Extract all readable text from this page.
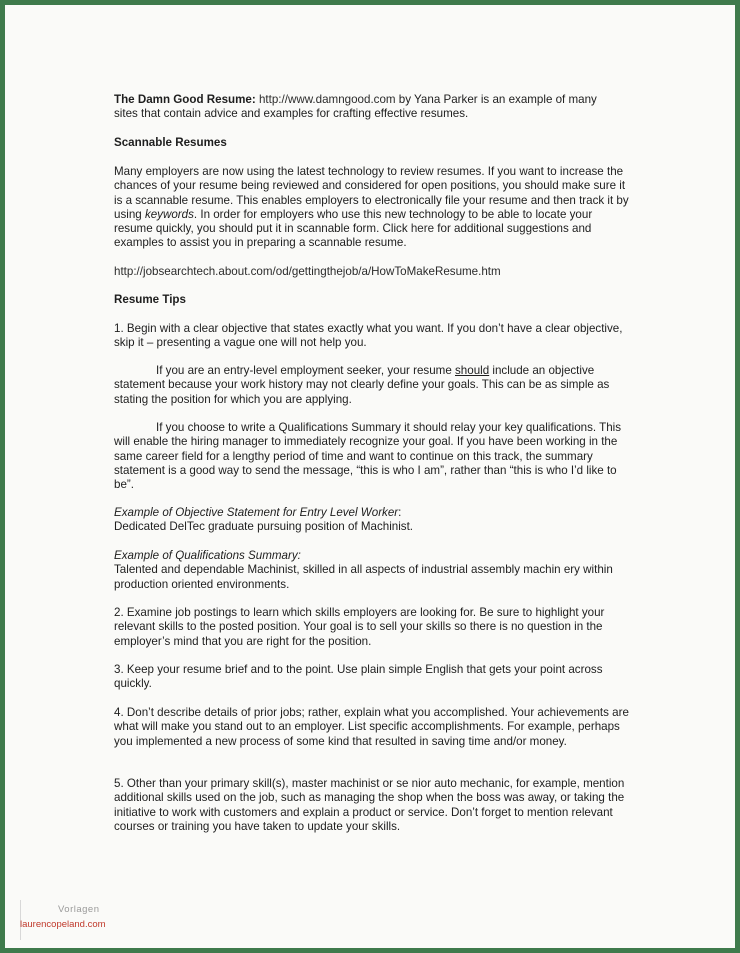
The Damn Good Resume: http://www.damngood.com by Yana Parker is an example of many
sites that contain advice and examples for crafting effective resumes.
Scannable Resumes
Many employers are now using the latest technology to review resumes. If you want to increase the chances of your resume being reviewed and considered for open positions, you should make sure it is a scannable resume. This enables employers to electronically file your resume and then track it by using keywords. In order for employers who use this new technology to be able to locate your resume quickly, you should put it in scannable form. Click here for additional suggestions and examples to assist you in preparing a scannable resume.
http://jobsearchtech.about.com/od/gettingthejob/a/HowToMakeResume.htm
Resume Tips
1. Begin with a clear objective that states exactly what you want. If you don’t have a clear objective, skip it – presenting a vague one will not help you.
If you are an entry-level employment seeker, your resume should include an objective statement because your work history may not clearly define your goals. This can be as simple as stating the position for which you are applying.
If you choose to write a Qualifications Summary it should relay your key qualifications. This will enable the hiring manager to immediately recognize your goal. If you have been working in the same career field for a lengthy period of time and want to continue on this track, the summary statement is a good way to send the message, “this is who I am”, rather than “this is who I’d like to be”.
Example of Objective Statement for Entry Level Worker:
Dedicated DelTec graduate pursuing position of Machinist.
Example of Qualifications Summary:
Talented and dependable Machinist, skilled in all aspects of industrial assembly machin ery within production oriented environments.
2. Examine job postings to learn which skills employers are looking for. Be sure to highlight your relevant skills to the posted position. Your goal is to sell your skills so there is no question in the employer’s mind that you are right for the position.
3. Keep your resume brief and to the point. Use plain simple English that gets your point across quickly.
4. Don’t describe details of prior jobs; rather, explain what you accomplished. Your achievements are what will make you stand out to an employer. List specific accomplishments. For example, perhaps you implemented a new process of some kind that resulted in saving time and/or money.
5. Other than your primary skill(s), master machinist or se nior auto mechanic, for example, mention additional skills used on the job, such as managing the shop when the boss was away, or taking the initiative to work with customers and explain a product or service. Don’t forget to mention relevant courses or training you have taken to update your skills.
Vorlagen
laurencopeland.com
